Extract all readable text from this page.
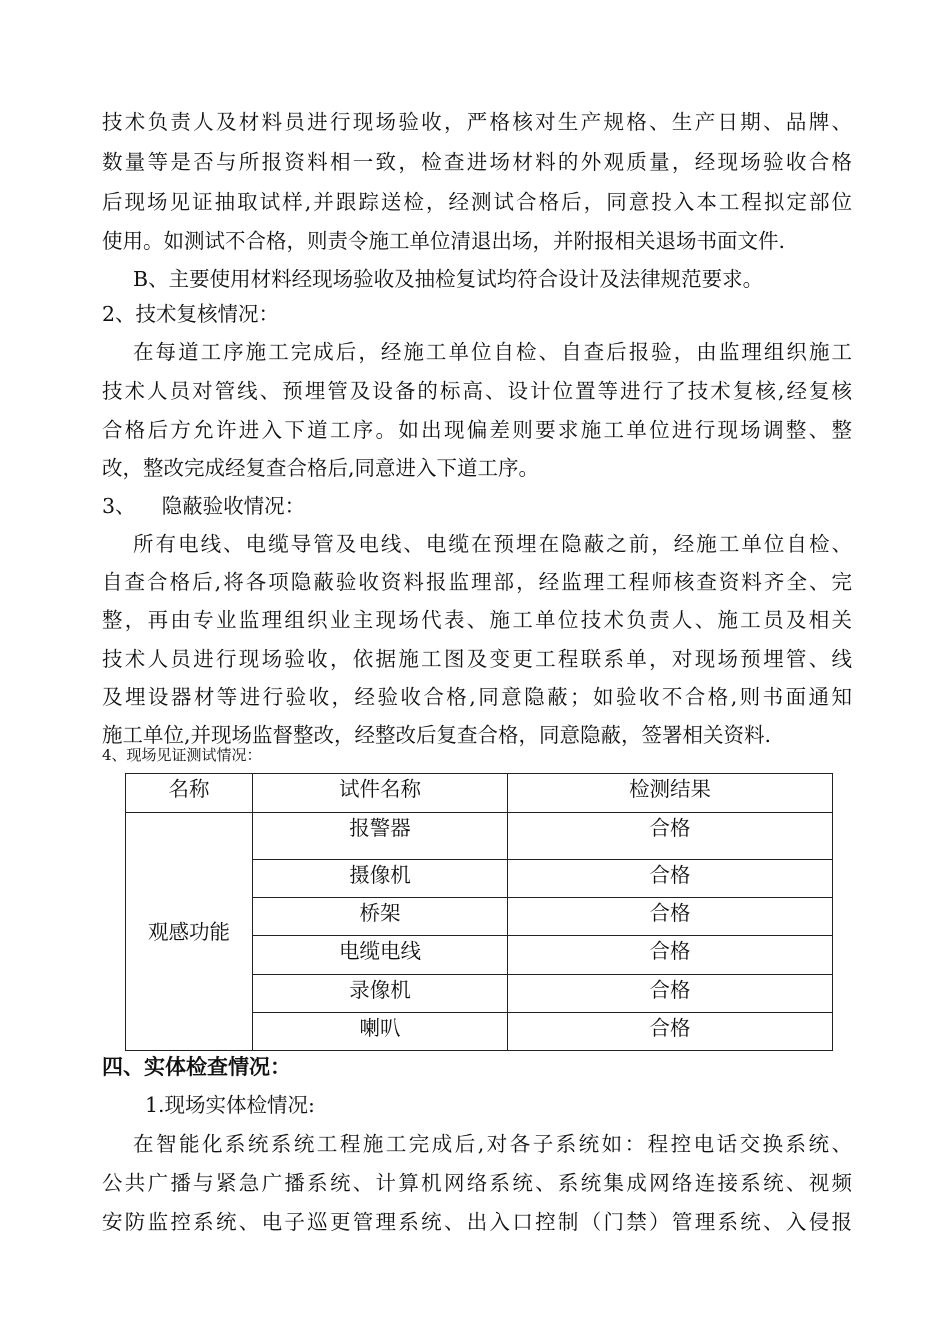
技术负责人及材料员进行现场验收，严格核对生产规格、生产日期、品牌、
数量等是否与所报资料相一致，检查进场材料的外观质量，经现场验收合格
后现场见证抽取试样,并跟踪送检，经测试合格后，同意投入本工程拟定部位
使用。如测试不合格，则责令施工单位清退出场，并附报相关退场书面文件.
B、主要使用材料经现场验收及抽检复试均符合设计及法律规范要求。
2、技术复核情况：
在每道工序施工完成后，经施工单位自检、自查后报验，由监理组织施工
技术人员对管线、预埋管及设备的标高、设计位置等进行了技术复核,经复核
合格后方允许进入下道工序。如出现偏差则要求施工单位进行现场调整、整
改，整改完成经复查合格后,同意进入下道工序。
3、    隐蔽验收情况：
所有电线、电缆导管及电线、电缆在预埋在隐蔽之前，经施工单位自检、
自查合格后,将各项隐蔽验收资料报监理部，经监理工程师核查资料齐全、完
整，再由专业监理组织业主现场代表、施工单位技术负责人、施工员及相关
技术人员进行现场验收，依据施工图及变更工程联系单，对现场预埋管、线
及埋设器材等进行验收，经验收合格,同意隐蔽；如验收不合格,则书面通知
施工单位,并现场监督整改，经整改后复查合格，同意隐蔽，签署相关资料.
4、现场见证测试情况：
名称	试件名称	检测结果
观感功能	报警器	合格
	摄像机	合格
	桥架	合格
	电缆电线	合格
	录像机	合格
	喇叭	合格
四、实体检查情况：
1.现场实体检情况:
在智能化系统系统工程施工完成后,对各子系统如：程控电话交换系统、
公共广播与紧急广播系统、计算机网络系统、系统集成网络连接系统、视频
安防监控系统、电子巡更管理系统、出入口控制（门禁）管理系统、入侵报
